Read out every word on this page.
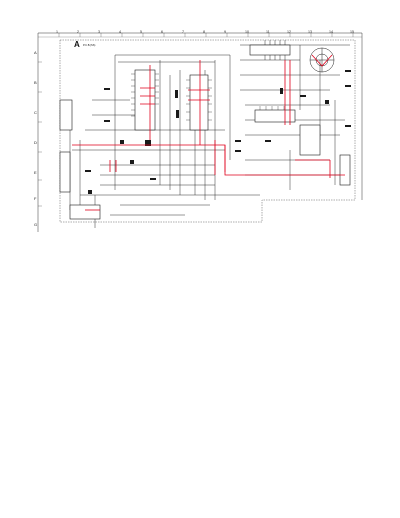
1	2	3	4	5	6	7	8	9	10	11	12	13	14	15
A
B
C
D
E
F
G
A P.C.B.(SS)
